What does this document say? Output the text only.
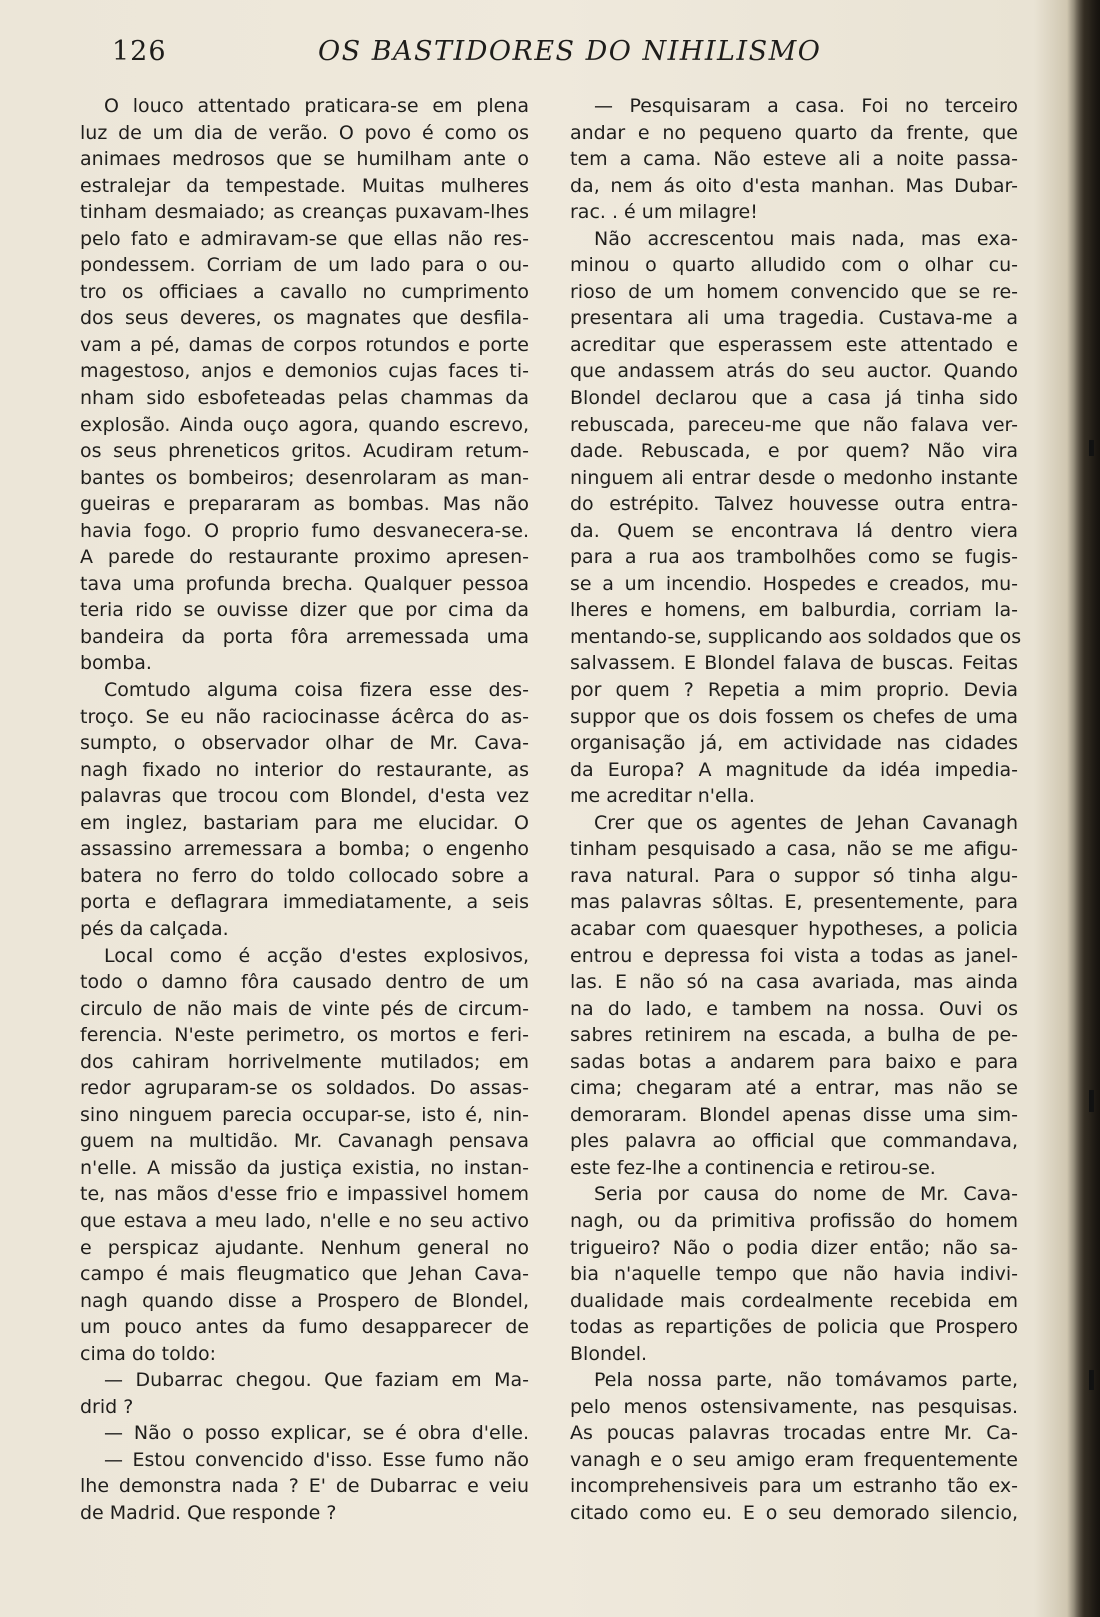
126	OS BASTIDORES DO NIHILISMO
O louco attentado praticara-se em plena
luz de um dia de verão. O povo é como os
animaes medrosos que se humilham ante o
estralejar da tempestade. Muitas mulheres
tinham desmaiado; as creanças puxavam-lhes
pelo fato e admiravam-se que ellas não res-
pondessem. Corriam de um lado para o ou-
tro os officiaes a cavallo no cumprimento
dos seus deveres, os magnates que desfila-
vam a pé, damas de corpos rotundos e porte
magestoso, anjos e demonios cujas faces ti-
nham sido esbofeteadas pelas chammas da
explosão. Ainda ouço agora, quando escrevo,
os seus phreneticos gritos. Acudiram retum-
bantes os bombeiros; desenrolaram as man-
gueiras e prepararam as bombas. Mas não
havia fogo. O proprio fumo desvanecera-se.
A parede do restaurante proximo apresen-
tava uma profunda brecha. Qualquer pessoa
teria rido se ouvisse dizer que por cima da
bandeira da porta fôra arremessada uma
bomba.
Comtudo alguma coisa fizera esse des-
troço. Se eu não raciocinasse ácêrca do as-
sumpto, o observador olhar de Mr. Cava-
nagh fixado no interior do restaurante, as
palavras que trocou com Blondel, d'esta vez
em inglez, bastariam para me elucidar. O
assassino arremessara a bomba; o engenho
batera no ferro do toldo collocado sobre a
porta e deflagrara immediatamente, a seis
pés da calçada.
Local como é acção d'estes explosivos,
todo o damno fôra causado dentro de um
circulo de não mais de vinte pés de circum-
ferencia. N'este perimetro, os mortos e feri-
dos cahiram horrivelmente mutilados; em
redor agruparam-se os soldados. Do assas-
sino ninguem parecia occupar-se, isto é, nin-
guem na multidão. Mr. Cavanagh pensava
n'elle. A missão da justiça existia, no instan-
te, nas mãos d'esse frio e impassivel homem
que estava a meu lado, n'elle e no seu activo
e perspicaz ajudante. Nenhum general no
campo é mais fleugmatico que Jehan Cava-
nagh quando disse a Prospero de Blondel,
um pouco antes da fumo desapparecer de
cima do toldo:
— Dubarrac chegou. Que faziam em Ma-
drid ?
— Não o posso explicar, se é obra d'elle.
— Estou convencido d'isso. Esse fumo não
lhe demonstra nada ? E' de Dubarrac e veiu
de Madrid. Que responde ?
— Pesquisaram a casa. Foi no terceiro
andar e no pequeno quarto da frente, que
tem a cama. Não esteve ali a noite passa-
da, nem ás oito d'esta manhan. Mas Dubar-
rac. . é um milagre!
Não accrescentou mais nada, mas exa-
minou o quarto alludido com o olhar cu-
rioso de um homem convencido que se re-
presentara ali uma tragedia. Custava-me a
acreditar que esperassem este attentado e
que andassem atrás do seu auctor. Quando
Blondel declarou que a casa já tinha sido
rebuscada, pareceu-me que não falava ver-
dade. Rebuscada, e por quem? Não vira
ninguem ali entrar desde o medonho instante
do estrépito. Talvez houvesse outra entra-
da. Quem se encontrava lá dentro viera
para a rua aos trambolhões como se fugis-
se a um incendio. Hospedes e creados, mu-
lheres e homens, em balburdia, corriam la-
mentando-se, supplicando aos soldados que os
salvassem. E Blondel falava de buscas. Feitas
por quem ? Repetia a mim proprio. Devia
suppor que os dois fossem os chefes de uma
organisação já, em actividade nas cidades
da Europa? A magnitude da idéa impedia-
me acreditar n'ella.
Crer que os agentes de Jehan Cavanagh
tinham pesquisado a casa, não se me afigu-
rava natural. Para o suppor só tinha algu-
mas palavras sôltas. E, presentemente, para
acabar com quaesquer hypotheses, a policia
entrou e depressa foi vista a todas as janel-
las. E não só na casa avariada, mas ainda
na do lado, e tambem na nossa. Ouvi os
sabres retinirem na escada, a bulha de pe-
sadas botas a andarem para baixo e para
cima; chegaram até a entrar, mas não se
demoraram. Blondel apenas disse uma sim-
ples palavra ao official que commandava,
este fez-lhe a continencia e retirou-se.
Seria por causa do nome de Mr. Cava-
nagh, ou da primitiva profissão do homem
trigueiro? Não o podia dizer então; não sa-
bia n'aquelle tempo que não havia indivi-
dualidade mais cordealmente recebida em
todas as repartições de policia que Prospero
Blondel.
Pela nossa parte, não tomávamos parte,
pelo menos ostensivamente, nas pesquisas.
As poucas palavras trocadas entre Mr. Ca-
vanagh e o seu amigo eram frequentemente
incomprehensiveis para um estranho tão ex-
citado como eu. E o seu demorado silencio,
